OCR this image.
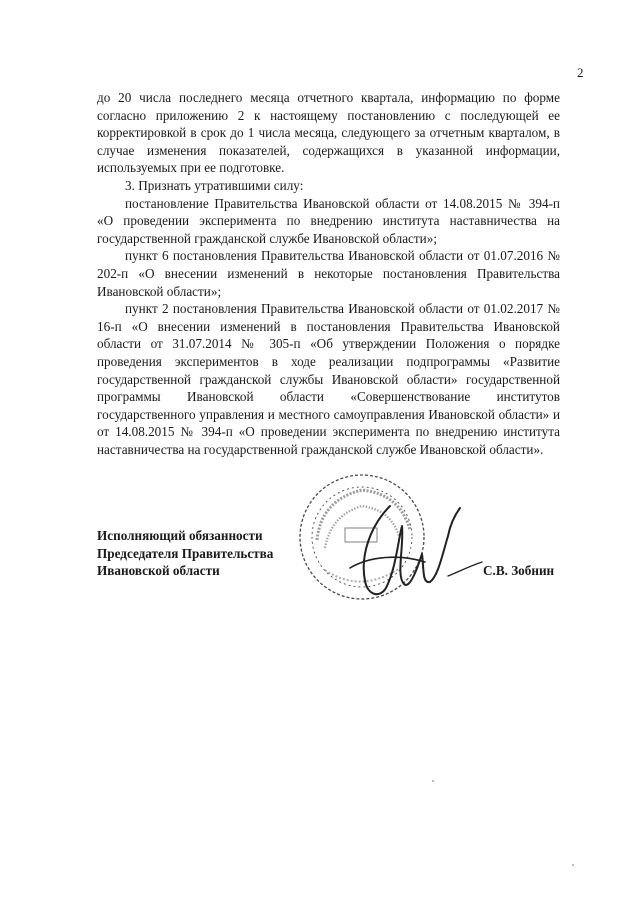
2

до 20 числа последнего месяца отчетного квартала, информацию по форме согласно приложению 2 к настоящему постановлению с последующей ее корректировкой в срок до 1 числа месяца, следующего за отчетным кварталом, в случае изменения показателей, содержащихся в указанной информации, используемых при ее подготовке.

3. Признать утратившими силу:

постановление Правительства Ивановской области от 14.08.2015 № 394-п «О проведении эксперимента по внедрению института наставничества на государственной гражданской службе Ивановской области»;

пункт 6 постановления Правительства Ивановской области от 01.07.2016 № 202-п «О внесении изменений в некоторые постановления Правительства Ивановской области»;

пункт 2 постановления Правительства Ивановской области от 01.02.2017 № 16-п «О внесении изменений в постановления Правительства Ивановской области от 31.07.2014 № 305-п «Об утверждении Положения о порядке проведения экспериментов в ходе реализации подпрограммы «Развитие государственной гражданской службы Ивановской области» государственной программы Ивановской области «Совершенствование институтов государственного управления и местного самоуправления Ивановской области» и от 14.08.2015 № 394-п «О проведении эксперимента по внедрению института наставничества на государственной гражданской службе Ивановской области».

Исполняющий обязанности
Председателя Правительства
Ивановской области	С.В. Зобнин
